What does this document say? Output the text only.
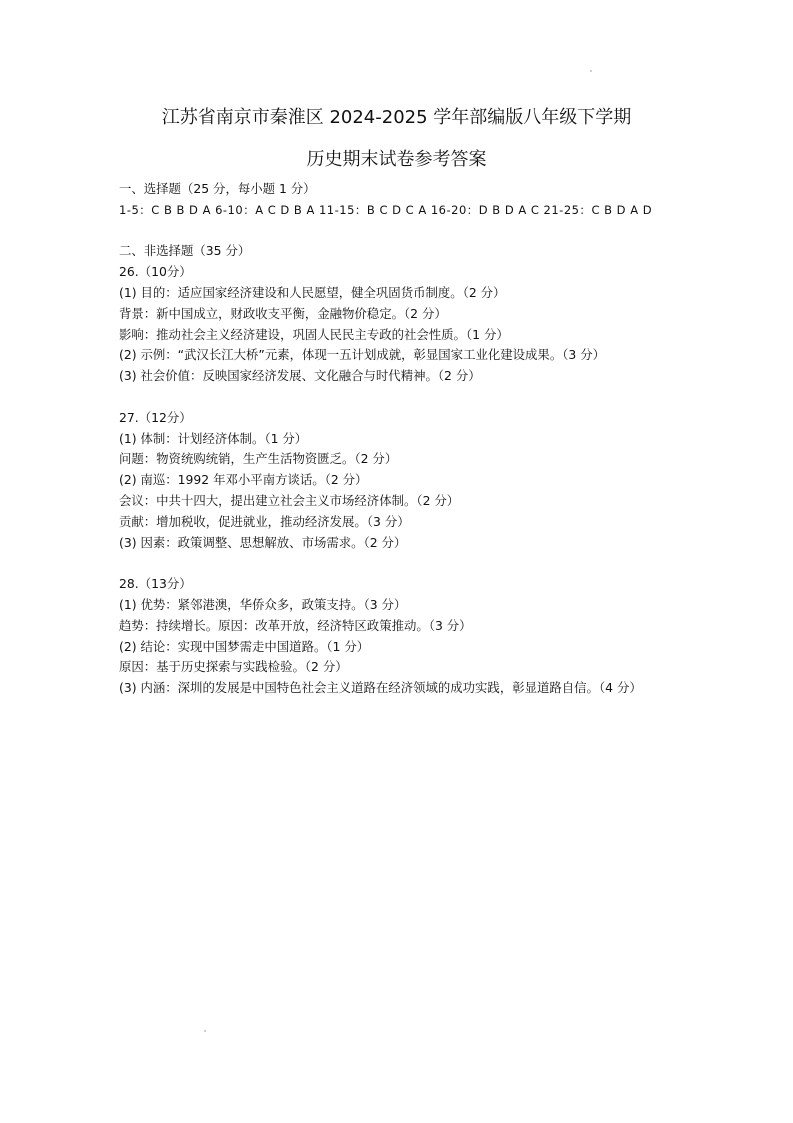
江苏省南京市秦淮区 2024-2025 学年部编版八年级下学期
历史期末试卷参考答案
一、选择题（25 分，每小题 1 分）
1-5：C B B D A 6-10：A C D B A 11-15：B C D C A 16-20：D B D A C 21-25：C B D A D
二、非选择题（35 分）
26.（10分）
(1) 目的：适应国家经济建设和人民愿望，健全巩固货币制度。（2 分）
背景：新中国成立，财政收支平衡，金融物价稳定。（2 分）
影响：推动社会主义经济建设，巩固人民民主专政的社会性质。（1 分）
(2) 示例：“武汉长江大桥”元素，体现一五计划成就，彰显国家工业化建设成果。（3 分）
(3) 社会价值：反映国家经济发展、文化融合与时代精神。（2 分）
27.（12分）
(1) 体制：计划经济体制。（1 分）
问题：物资统购统销，生产生活物资匮乏。（2 分）
(2) 南巡：1992 年邓小平南方谈话。（2 分）
会议：中共十四大，提出建立社会主义市场经济体制。（2 分）
贡献：增加税收，促进就业，推动经济发展。（3 分）
(3) 因素：政策调整、思想解放、市场需求。（2 分）
28.（13分）
(1) 优势：紧邻港澳，华侨众多，政策支持。（3 分）
趋势：持续增长。原因：改革开放，经济特区政策推动。（3 分）
(2) 结论：实现中国梦需走中国道路。（1 分）
原因：基于历史探索与实践检验。（2 分）
(3) 内涵：深圳的发展是中国特色社会主义道路在经济领域的成功实践，彰显道路自信。（4 分）
